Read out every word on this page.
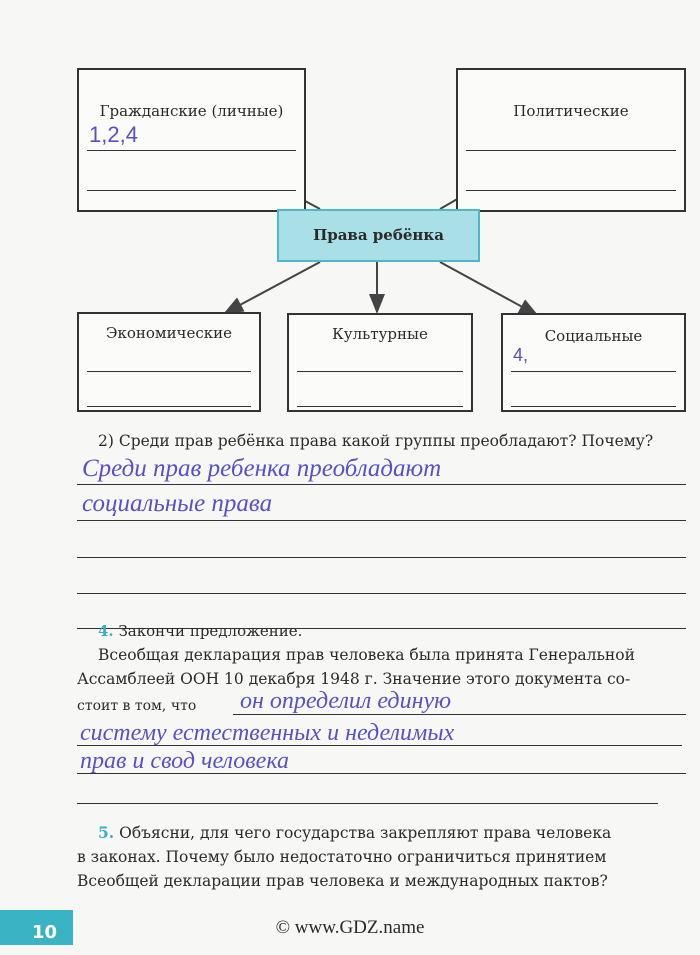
Гражданские (личные)
1,2,4
Политические
Права ребёнка
Экономические	Культурные	Социальные
4,
2) Среди прав ребёнка права какой группы преобладают? Почему?
Среди прав ребенка преобладают
социальные права
4. Закончи предложение.
Всеобщая декларация прав человека была принята Генеральной
Ассамблеей ООН 10 декабря 1948 г. Значение этого документа со-
стоит в том, что он определил единую
систему естественных и неделимых
прав и свод человека
5. Объясни, для чего государства закрепляют права человека
в законах. Почему было недостаточно ограничиться принятием
Всеобщей декларации прав человека и международных пактов?
10	© www.GDZ.name
